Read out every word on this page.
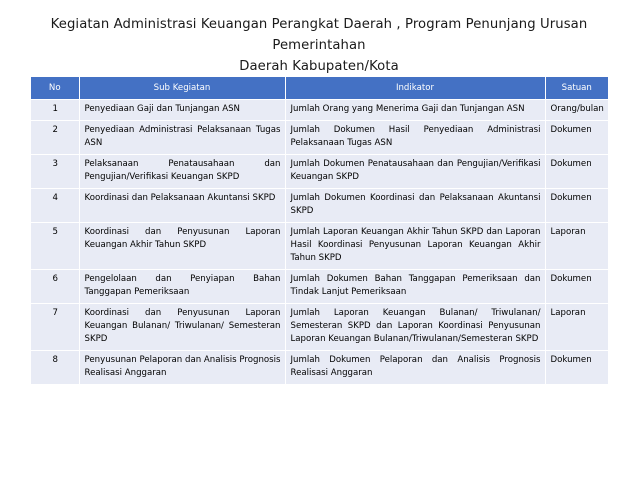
Kegiatan Administrasi Keuangan Perangkat Daerah , Program Penunjang Urusan Pemerintahan
Daerah Kabupaten/Kota
No	Sub Kegiatan	Indikator	Satuan
1	Penyediaan Gaji dan Tunjangan ASN	Jumlah Orang yang Menerima Gaji dan Tunjangan ASN	Orang/bulan
2	Penyediaan Administrasi Pelaksanaan Tugas ASN	Jumlah Dokumen Hasil Penyediaan Administrasi Pelaksanaan Tugas ASN	Dokumen
3	Pelaksanaan Penatausahaan dan Pengujian/Verifikasi Keuangan SKPD	Jumlah Dokumen Penatausahaan dan Pengujian/Verifikasi Keuangan SKPD	Dokumen
4	Koordinasi dan Pelaksanaan Akuntansi SKPD	Jumlah Dokumen Koordinasi dan Pelaksanaan Akuntansi SKPD	Dokumen
5	Koordinasi dan Penyusunan Laporan Keuangan Akhir Tahun SKPD	Jumlah Laporan Keuangan Akhir Tahun SKPD dan Laporan Hasil Koordinasi Penyusunan Laporan Keuangan Akhir Tahun SKPD	Laporan
6	Pengelolaan dan Penyiapan Bahan Tanggapan Pemeriksaan	Jumlah Dokumen Bahan Tanggapan Pemeriksaan dan Tindak Lanjut Pemeriksaan	Dokumen
7	Koordinasi dan Penyusunan Laporan Keuangan Bulanan/ Triwulanan/ Semesteran SKPD	Jumlah Laporan Keuangan Bulanan/ Triwulanan/ Semesteran SKPD dan Laporan Koordinasi Penyusunan Laporan Keuangan Bulanan/Triwulanan/Semesteran SKPD	Laporan
8	Penyusunan Pelaporan dan Analisis Prognosis Realisasi Anggaran	Jumlah Dokumen Pelaporan dan Analisis Prognosis Realisasi Anggaran	Dokumen
